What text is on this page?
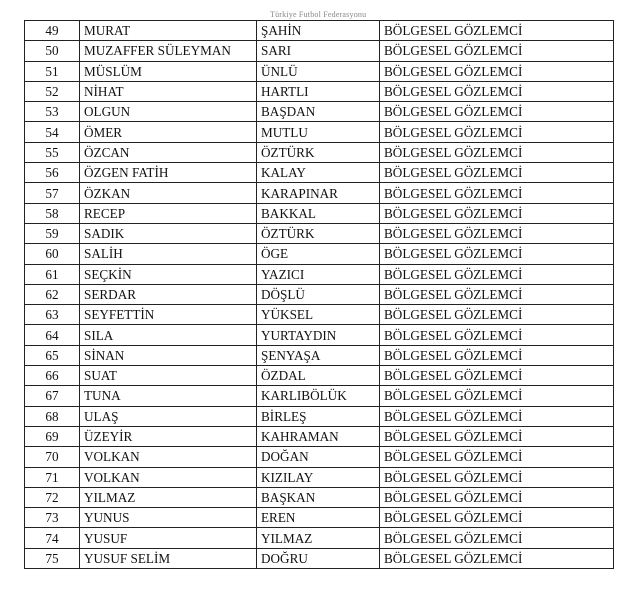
Türkiye Futbol Federasyonu
49	MURAT	ŞAHİN	BÖLGESEL GÖZLEMCİ
50	MUZAFFER SÜLEYMAN	SARI	BÖLGESEL GÖZLEMCİ
51	MÜSLÜM	ÜNLÜ	BÖLGESEL GÖZLEMCİ
52	NİHAT	HARTLI	BÖLGESEL GÖZLEMCİ
53	OLGUN	BAŞDAN	BÖLGESEL GÖZLEMCİ
54	ÖMER	MUTLU	BÖLGESEL GÖZLEMCİ
55	ÖZCAN	ÖZTÜRK	BÖLGESEL GÖZLEMCİ
56	ÖZGEN FATİH	KALAY	BÖLGESEL GÖZLEMCİ
57	ÖZKAN	KARAPINAR	BÖLGESEL GÖZLEMCİ
58	RECEP	BAKKAL	BÖLGESEL GÖZLEMCİ
59	SADIK	ÖZTÜRK	BÖLGESEL GÖZLEMCİ
60	SALİH	ÖGE	BÖLGESEL GÖZLEMCİ
61	SEÇKİN	YAZICI	BÖLGESEL GÖZLEMCİ
62	SERDAR	DÖŞLÜ	BÖLGESEL GÖZLEMCİ
63	SEYFETTİN	YÜKSEL	BÖLGESEL GÖZLEMCİ
64	SILA	YURTAYDIN	BÖLGESEL GÖZLEMCİ
65	SİNAN	ŞENYAŞA	BÖLGESEL GÖZLEMCİ
66	SUAT	ÖZDAL	BÖLGESEL GÖZLEMCİ
67	TUNA	KARLIBÖLÜK	BÖLGESEL GÖZLEMCİ
68	ULAŞ	BİRLEŞ	BÖLGESEL GÖZLEMCİ
69	ÜZEYİR	KAHRAMAN	BÖLGESEL GÖZLEMCİ
70	VOLKAN	DOĞAN	BÖLGESEL GÖZLEMCİ
71	VOLKAN	KIZILAY	BÖLGESEL GÖZLEMCİ
72	YILMAZ	BAŞKAN	BÖLGESEL GÖZLEMCİ
73	YUNUS	EREN	BÖLGESEL GÖZLEMCİ
74	YUSUF	YILMAZ	BÖLGESEL GÖZLEMCİ
75	YUSUF SELİM	DOĞRU	BÖLGESEL GÖZLEMCİ
